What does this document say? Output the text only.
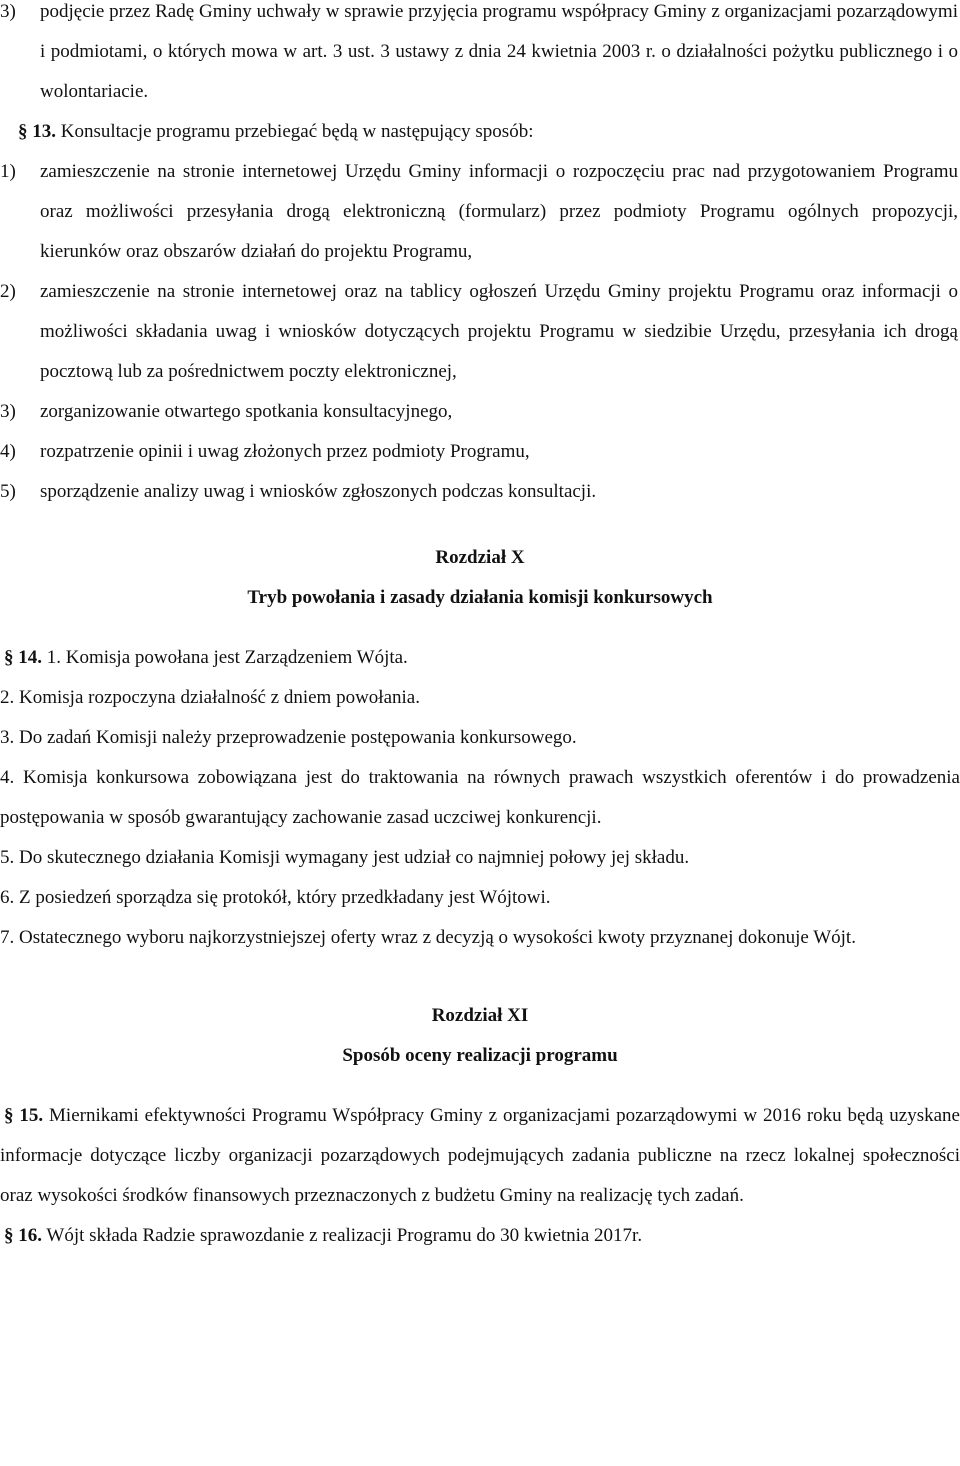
3)	podjęcie przez Radę Gminy uchwały w sprawie przyjęcia programu współpracy Gminy z organizacjami pozarządowymi i podmiotami, o których mowa w art. 3 ust. 3 ustawy z dnia 24 kwietnia 2003 r. o działalności pożytku publicznego i o wolontariacie.
§ 13. Konsultacje programu przebiegać będą w następujący sposób:
1)	zamieszczenie na stronie internetowej Urzędu Gminy informacji o rozpoczęciu prac nad przygotowaniem Programu oraz możliwości przesyłania drogą elektroniczną (formularz) przez podmioty Programu ogólnych propozycji, kierunków oraz obszarów działań do projektu Programu,
2)	zamieszczenie na stronie internetowej oraz na tablicy ogłoszeń Urzędu Gminy projektu Programu oraz informacji o możliwości składania uwag i wniosków dotyczących projektu Programu w siedzibie Urzędu, przesyłania ich drogą pocztową lub za pośrednictwem poczty elektronicznej,
3)	zorganizowanie otwartego spotkania konsultacyjnego,
4)	rozpatrzenie opinii i uwag złożonych przez podmioty Programu,
5)	sporządzenie analizy uwag i wniosków zgłoszonych podczas konsultacji.
Rozdział X
Tryb powołania i zasady działania komisji konkursowych
§ 14. 1. Komisja powołana jest Zarządzeniem Wójta.
2. Komisja rozpoczyna działalność z dniem powołania.
3. Do zadań Komisji należy przeprowadzenie postępowania konkursowego.
4. Komisja konkursowa zobowiązana jest do traktowania na równych prawach wszystkich oferentów i do prowadzenia postępowania w sposób gwarantujący zachowanie zasad uczciwej konkurencji.
5. Do skutecznego działania Komisji wymagany jest udział co najmniej połowy jej składu.
6. Z posiedzeń sporządza się protokół, który przedkładany jest Wójtowi.
7. Ostatecznego wyboru najkorzystniejszej oferty wraz z decyzją o wysokości kwoty przyznanej dokonuje Wójt.
Rozdział XI
Sposób oceny realizacji programu
§ 15. Miernikami efektywności Programu Współpracy Gminy z organizacjami pozarządowymi w 2016 roku będą uzyskane informacje dotyczące liczby organizacji pozarządowych podejmujących zadania publiczne na rzecz lokalnej społeczności oraz wysokości środków finansowych przeznaczonych z budżetu Gminy na realizację tych zadań.
§ 16. Wójt składa Radzie sprawozdanie z realizacji Programu do 30 kwietnia 2017r.
